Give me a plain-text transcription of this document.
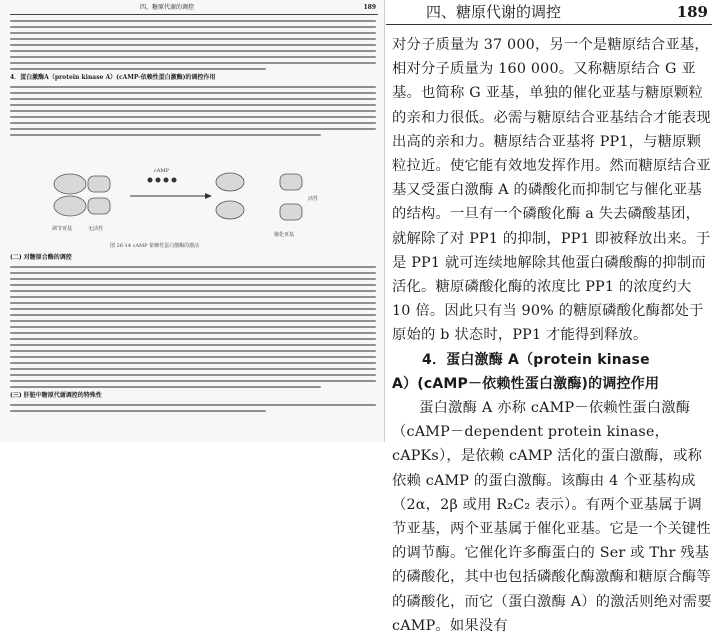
四、糖原代谢的调控	189
4．蛋白激酶A（protein kinase A）(cAMP-依赖性蛋白激酶)的调控作用
调节亚基	无活性
cAMP
催化亚基
活性
图 26-14 cAMP 依赖性蛋白激酶的激活
(二) 对糖原合酶的调控
(三) 肝脏中糖原代谢调控的特殊性
四、糖原代谢的调控	189

对分子质量为 37 000，另一个是糖原结合亚基，相对分子质量为 160 000。又称糖原结合 G 亚基。也简称 G 亚基，单独的催化亚基与糖原颗粒的亲和力很低。必需与糖原结合亚基结合才能表现出高的亲和力。糖原结合亚基将 PP1，与糖原颗粒拉近。使它能有效地发挥作用。然而糖原结合亚基又受蛋白激酶 A 的磷酸化而抑制它与催化亚基的结构。一旦有一个磷酸化酶 a 失去磷酸基团，就解除了对 PP1 的抑制，PP1 即被释放出来。于是 PP1 就可连续地解除其他蛋白磷酸酶的抑制而活化。糖原磷酸化酶的浓度比 PP1 的浓度约大 10 倍。因此只有当 90% 的糖原磷酸化酶都处于原始的 b 状态时，PP1 才能得到释放。

4．蛋白激酶 A（protein kinase

A）(cAMP－依赖性蛋白激酶)的调控作用

蛋白激酶 A 亦称 cAMP－依赖性蛋白激酶（cAMP－dependent protein kinase，cAPKs），是依赖 cAMP 活化的蛋白激酶，或称依赖 cAMP 的蛋白激酶。该酶由 4 个亚基构成（2α，2β 或用 R₂C₂ 表示）。有两个亚基属于调节亚基，两个亚基属于催化亚基。它是一个关键性的调节酶。它催化许多酶蛋白的 Ser 或 Thr 残基的磷酸化，其中也包括磷酸化酶激酶和糖原合酶等的磷酸化，而它（蛋白激酶 A）的激活则绝对需要 cAMP。如果没有
